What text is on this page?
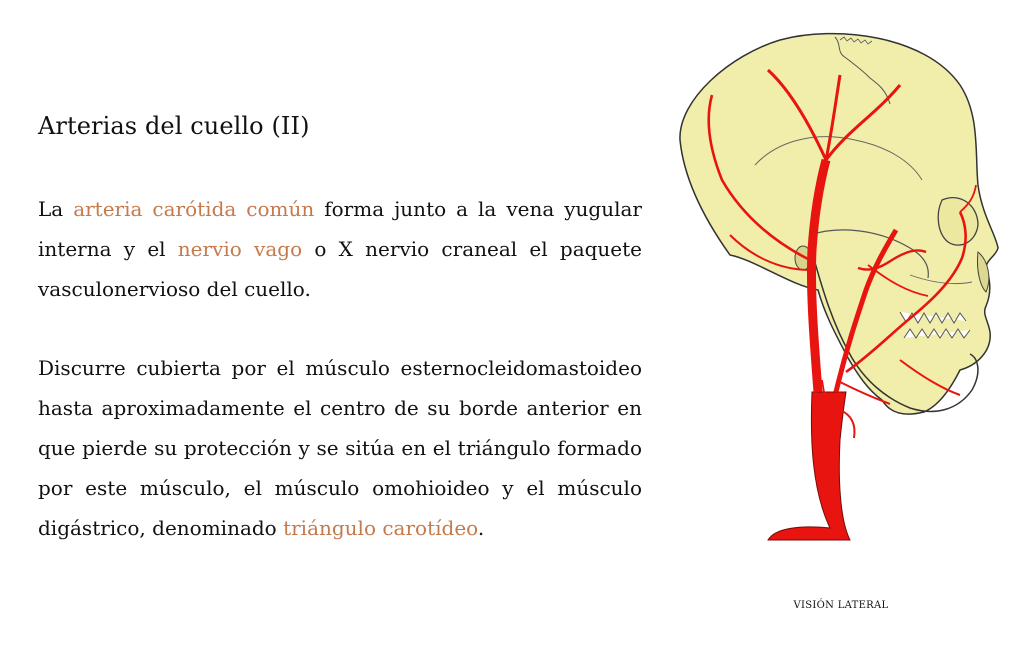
Arterias del cuello (II)

La arteria carótida común forma junto a la vena yugular interna y el nervio vago o X nervio craneal el paquete vasculonervioso del cuello.

Discurre cubierta por el músculo esternocleidomastoideo hasta aproximadamente el centro de su borde anterior en que pierde su protección y se sitúa en el triángulo formado por este músculo, el músculo omohioideo y el músculo digástrico, denominado triángulo carotídeo.

VISIÓN LATERAL
